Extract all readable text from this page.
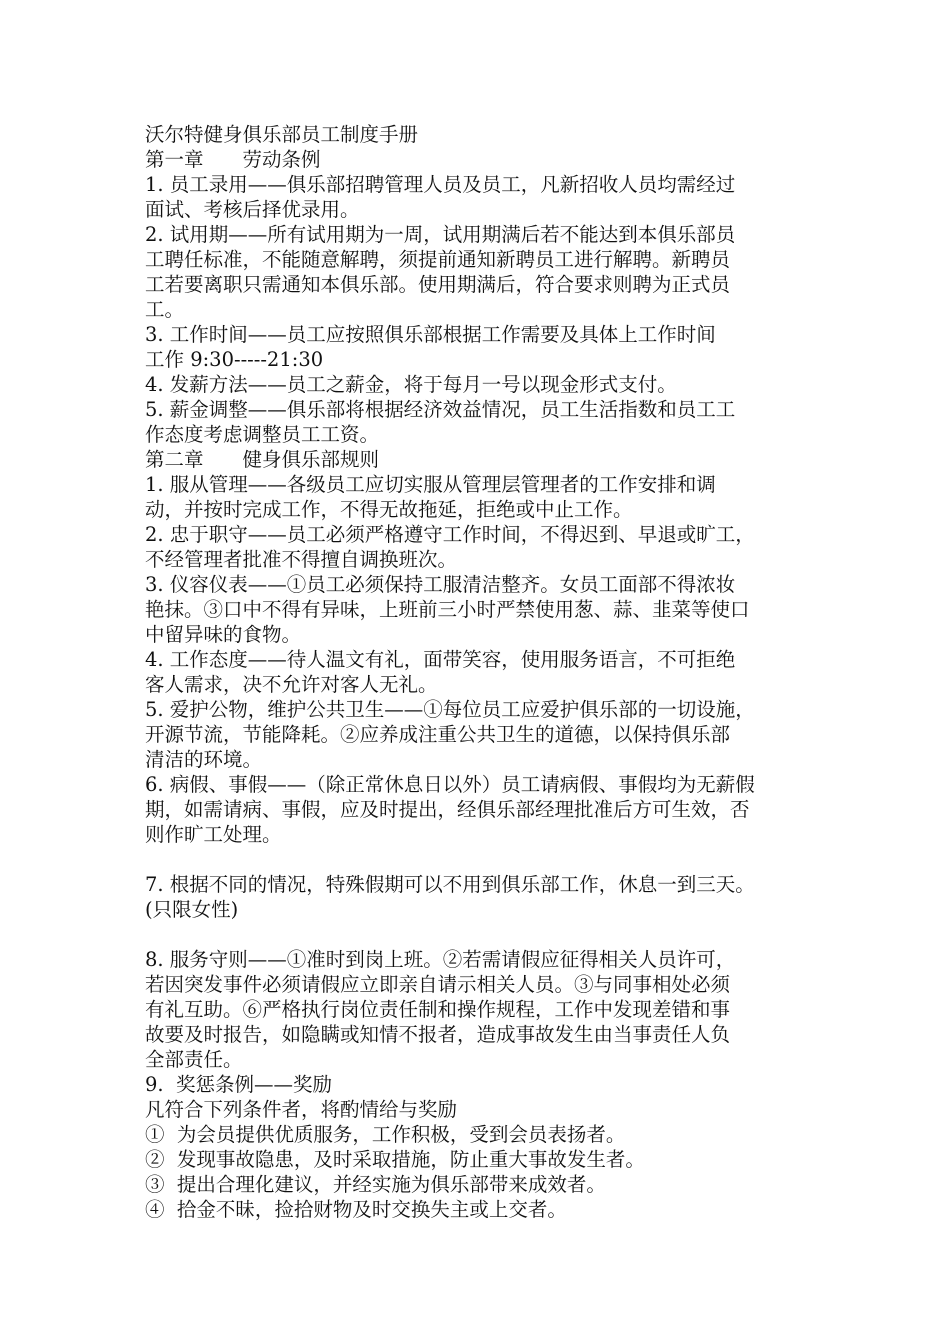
沃尔特健身俱乐部员工制度手册
第一章　　劳动条例
1. 员工录用——俱乐部招聘管理人员及员工，凡新招收人员均需经过
面试、考核后择优录用。
2. 试用期——所有试用期为一周，试用期满后若不能达到本俱乐部员
工聘任标准，不能随意解聘，须提前通知新聘员工进行解聘。新聘员
工若要离职只需通知本俱乐部。使用期满后，符合要求则聘为正式员
工。
3. 工作时间——员工应按照俱乐部根据工作需要及具体上工作时间
工作 9:30-----21:30
4. 发薪方法——员工之薪金，将于每月一号以现金形式支付。
5. 薪金调整——俱乐部将根据经济效益情况，员工生活指数和员工工
作态度考虑调整员工工资。
第二章　　健身俱乐部规则
1. 服从管理——各级员工应切实服从管理层管理者的工作安排和调
动，并按时完成工作，不得无故拖延，拒绝或中止工作。
2. 忠于职守——员工必须严格遵守工作时间，不得迟到、早退或旷工，
不经管理者批准不得擅自调换班次。
3. 仪容仪表——①员工必须保持工服清洁整齐。女员工面部不得浓妆
艳抹。③口中不得有异味，上班前三小时严禁使用葱、蒜、韭菜等使口
中留异味的食物。
4. 工作态度——待人温文有礼，面带笑容，使用服务语言，不可拒绝
客人需求，决不允许对客人无礼。
5. 爱护公物，维护公共卫生——①每位员工应爱护俱乐部的一切设施，
开源节流，节能降耗。②应养成注重公共卫生的道德，以保持俱乐部
清洁的环境。
6. 病假、事假——（除正常休息日以外）员工请病假、事假均为无薪假
期，如需请病、事假，应及时提出，经俱乐部经理批准后方可生效，否
则作旷工处理。
7. 根据不同的情况，特殊假期可以不用到俱乐部工作，休息一到三天。
(只限女性)
8. 服务守则——①准时到岗上班。②若需请假应征得相关人员许可，
若因突发事件必须请假应立即亲自请示相关人员。③与同事相处必须
有礼互助。⑥严格执行岗位责任制和操作规程，工作中发现差错和事
故要及时报告，如隐瞒或知情不报者，造成事故发生由当事责任人负
全部责任。
9.  奖惩条例——奖励
凡符合下列条件者，将酌情给与奖励
①  为会员提供优质服务，工作积极，受到会员表扬者。
②  发现事故隐患，及时采取措施，防止重大事故发生者。
③  提出合理化建议，并经实施为俱乐部带来成效者。
④  拾金不昧，捡拾财物及时交换失主或上交者。
